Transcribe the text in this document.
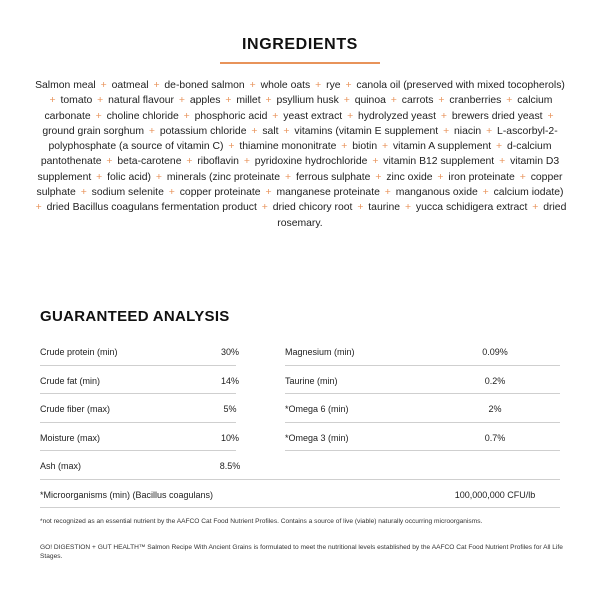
INGREDIENTS

Salmon meal + oatmeal + de-boned salmon + whole oats + rye + canola oil (preserved with mixed tocopherols) + tomato + natural flavour + apples + millet + psyllium husk + quinoa + carrots + cranberries + calcium carbonate + choline chloride + phosphoric acid + yeast extract + hydrolyzed yeast + brewers dried yeast + ground grain sorghum + potassium chloride + salt + vitamins (vitamin E supplement + niacin + L-ascorbyl-2-polyphosphate (a source of vitamin C) + thiamine mononitrate + biotin + vitamin A supplement + d-calcium pantothenate + beta-carotene + riboflavin + pyridoxine hydrochloride + vitamin B12 supplement + vitamin D3 supplement + folic acid) + minerals (zinc proteinate + ferrous sulphate + zinc oxide + iron proteinate + copper sulphate + sodium selenite + copper proteinate + manganese proteinate + manganous oxide + calcium iodate) + dried Bacillus coagulans fermentation product + dried chicory root + taurine + yucca schidigera extract + dried rosemary.

GUARANTEED ANALYSIS
Crude protein (min)	30%	Magnesium (min)	0.09%
Crude fat (min)	14%	Taurine (min)	0.2%
Crude fiber (max)	5%	*Omega 6 (min)	2%
Moisture (max)	10%	*Omega 3 (min)	0.7%
Ash (max)	8.5%
*Microorganisms (min) (Bacillus coagulans)	100,000,000 CFU/lb

*not recognized as an essential nutrient by the AAFCO Cat Food Nutrient Profiles. Contains a source of live (viable) naturally occurring microorganisms.

GO! DIGESTION + GUT HEALTH™ Salmon Recipe With Ancient Grains is formulated to meet the nutritional levels established by the AAFCO Cat Food Nutrient Profiles for All Life Stages.
